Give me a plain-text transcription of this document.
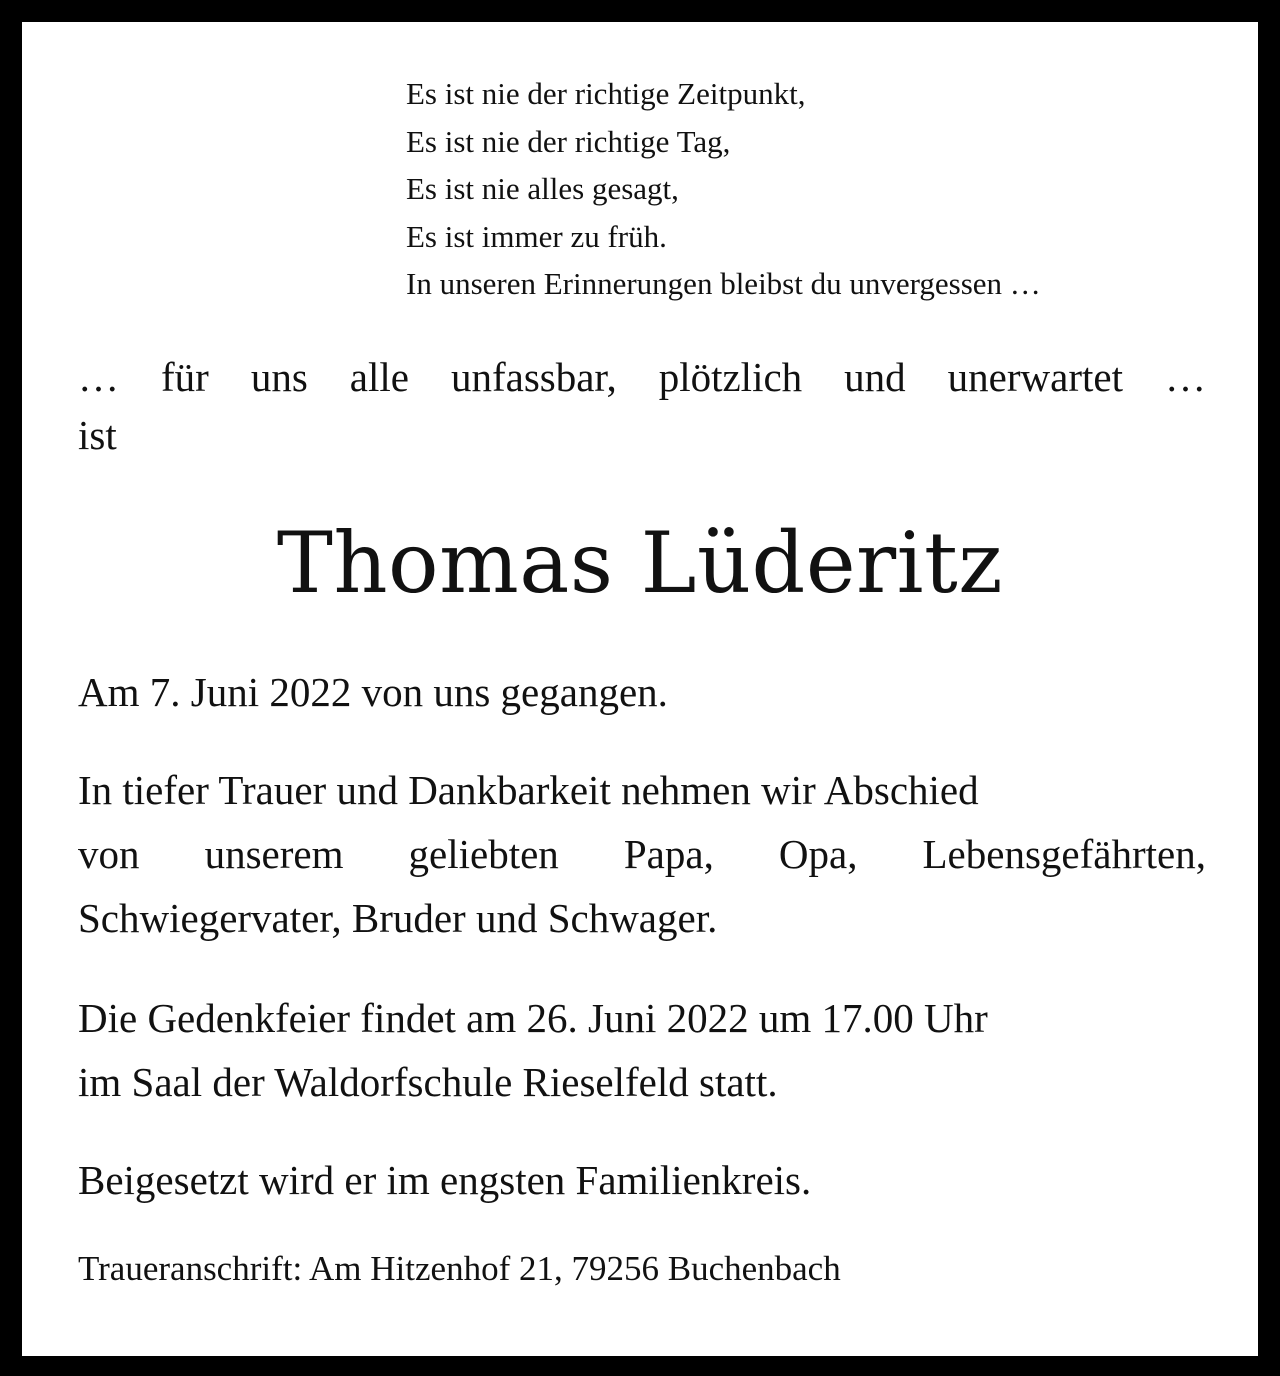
Es ist nie der richtige Zeitpunkt,
Es ist nie der richtige Tag,
Es ist nie alles gesagt,
Es ist immer zu früh.
In unseren Erinnerungen bleibst du unvergessen …
… für uns alle unfassbar, plötzlich und unerwartet …
ist
Thomas Lüderitz
Am 7. Juni 2022 von uns gegangen.
In tiefer Trauer und Dankbarkeit nehmen wir Abschied
von unserem geliebten Papa, Opa, Lebensgefährten,
Schwiegervater, Bruder und Schwager.
Die Gedenkfeier findet am 26. Juni 2022 um 17.00 Uhr
im Saal der Waldorfschule Rieselfeld statt.
Beigesetzt wird er im engsten Familienkreis.
Traueranschrift: Am Hitzenhof 21, 79256 Buchenbach
